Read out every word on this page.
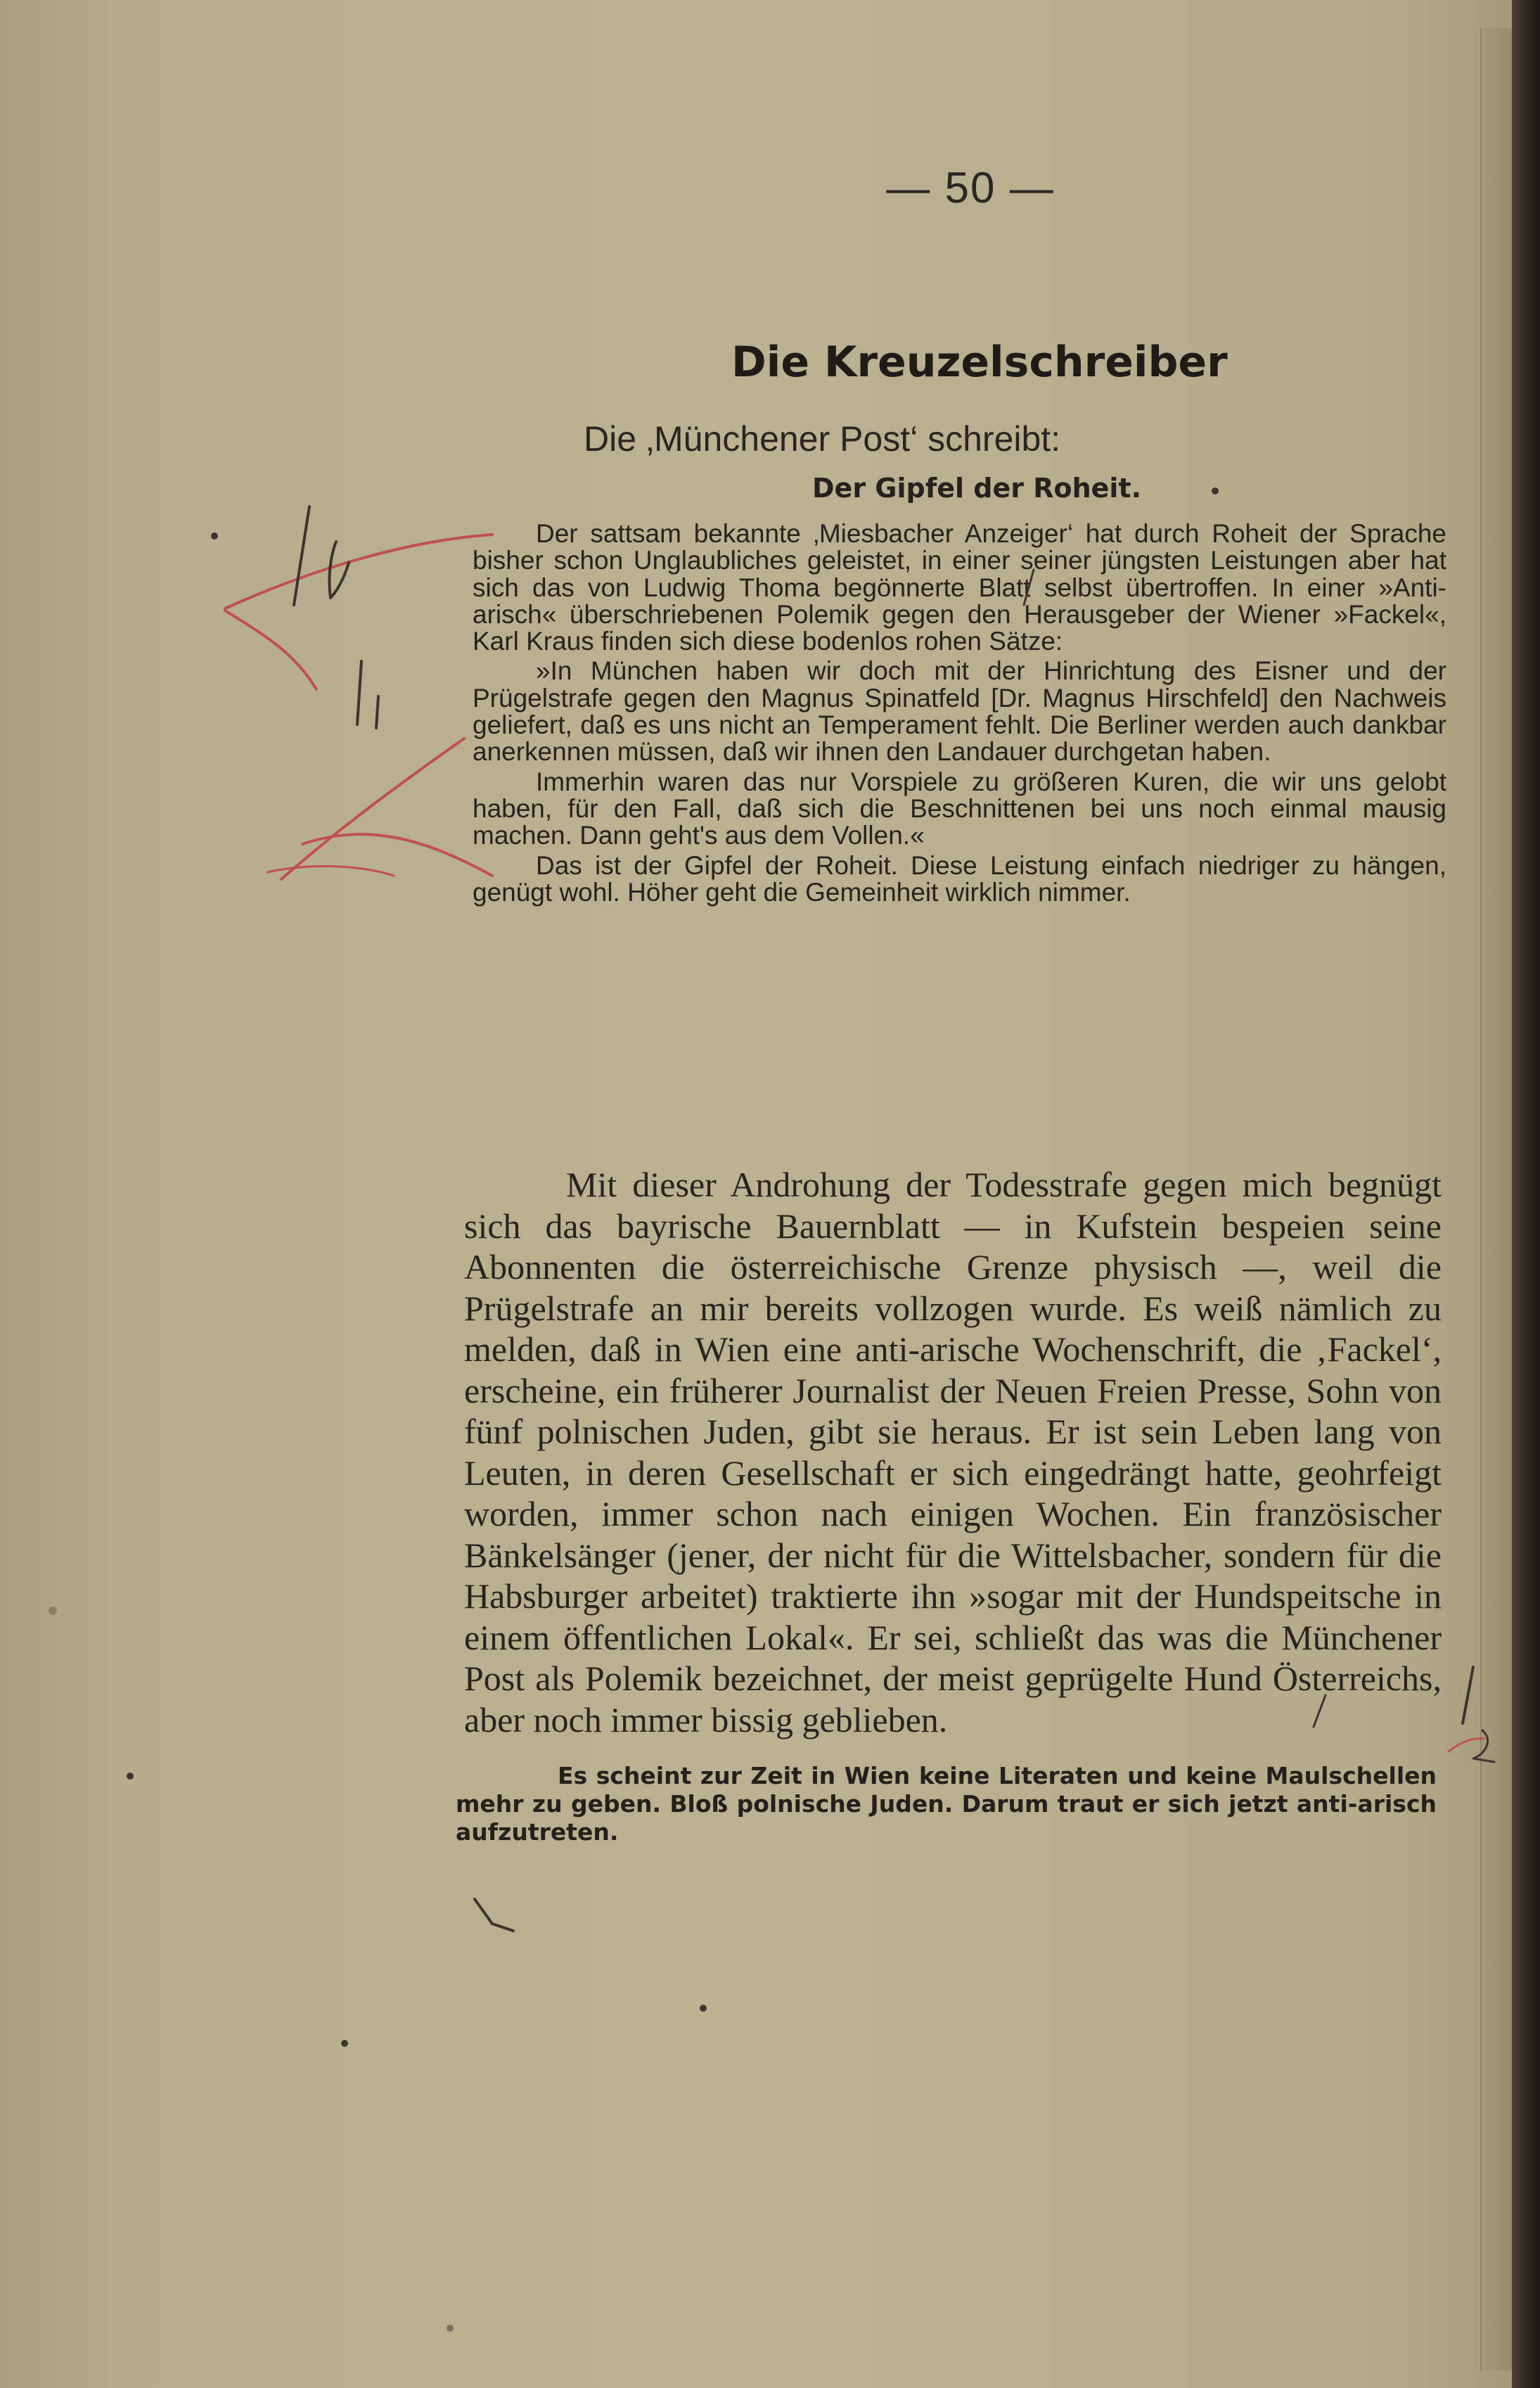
— 50 —
Die Kreuzelschreiber
Die ‚Münchener Post‘ schreibt:
Der Gipfel der Roheit.

Der sattsam bekannte ‚Miesbacher Anzeiger‘ hat durch Roheit der Sprache bisher schon Unglaubliches geleistet, in einer seiner jüngsten Leistungen aber hat sich das von Ludwig Thoma begönnerte Blatt selbst übertroffen. In einer »Anti-arisch« überschriebenen Polemik gegen den Herausgeber der Wiener »Fackel«, Karl Kraus finden sich diese bodenlos rohen Sätze:

»In München haben wir doch mit der Hinrichtung des Eisner und der Prügelstrafe gegen den Magnus Spinatfeld [Dr. Magnus Hirschfeld] den Nachweis geliefert, daß es uns nicht an Temperament fehlt. Die Berliner werden auch dankbar anerkennen müssen, daß wir ihnen den Landauer durchgetan haben.

Immerhin waren das nur Vorspiele zu größeren Kuren, die wir uns gelobt haben, für den Fall, daß sich die Beschnittenen bei uns noch einmal mausig machen. Dann geht's aus dem Vollen.«

Das ist der Gipfel der Roheit. Diese Leistung einfach niedriger zu hängen, genügt wohl. Höher geht die Gemeinheit wirklich nimmer.

Mit dieser Androhung der Todesstrafe gegen mich begnügt sich das bayrische Bauernblatt — in Kufstein bespeien seine Abonnenten die österreichische Grenze physisch —, weil die Prügelstrafe an mir bereits vollzogen wurde. Es weiß nämlich zu melden, daß in Wien eine anti-arische Wochenschrift, die ‚Fackel‘, erscheine, ein früherer Journalist der Neuen Freien Presse, Sohn von fünf polnischen Juden, gibt sie heraus. Er ist sein Leben lang von Leuten, in deren Gesellschaft er sich eingedrängt hatte, geohrfeigt worden, immer schon nach einigen Wochen. Ein französischer Bänkelsänger (jener, der nicht für die Wittelsbacher, sondern für die Habsburger arbeitet) traktierte ihn »sogar mit der Hundspeitsche in einem öffentlichen Lokal«. Er sei, schließt das was die Münchener Post als Polemik bezeichnet, der meist geprügelte Hund Österreichs, aber noch immer bissig geblieben.

Es scheint zur Zeit in Wien keine Literaten und keine Maulschellen mehr zu geben. Bloß polnische Juden. Darum traut er sich jetzt anti-arisch aufzutreten.
